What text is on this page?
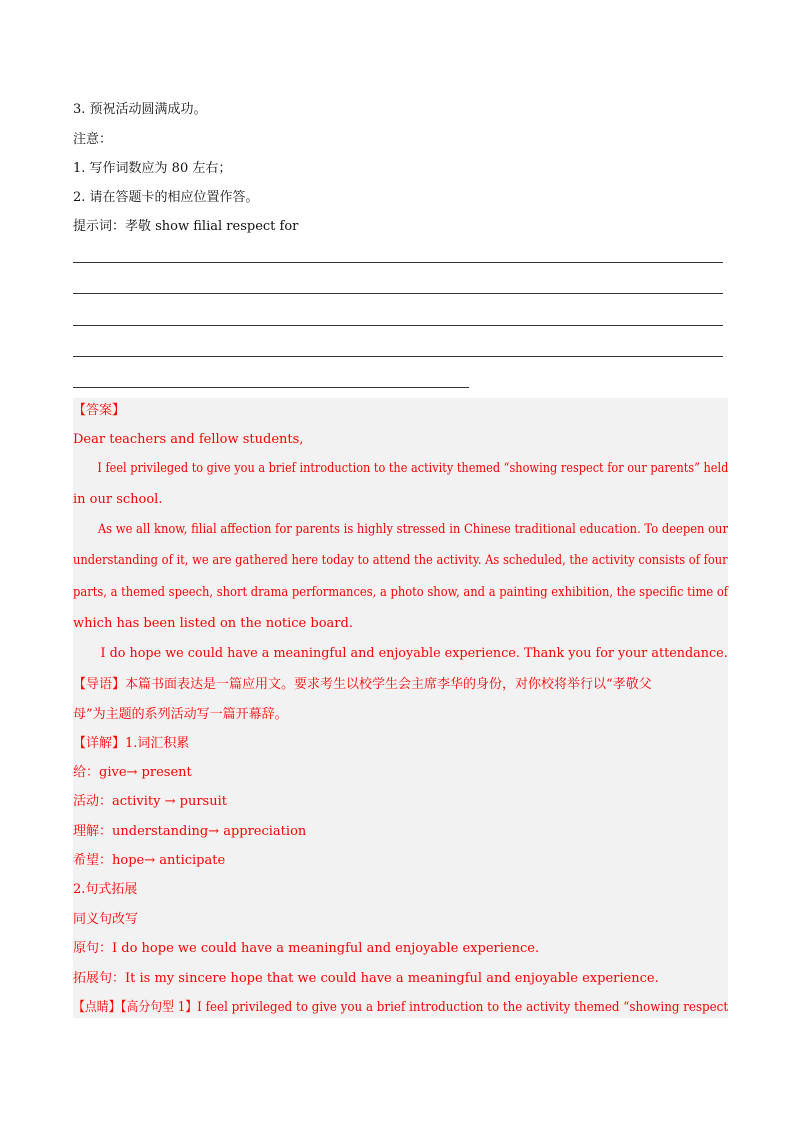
3. 预祝活动圆满成功。
注意：
1. 写作词数应为 80 左右；
2. 请在答题卡的相应位置作答。
提示词：孝敬 show filial respect for
【答案】
Dear teachers and fellow students,
I feel privileged to give you a brief introduction to the activity themed “showing respect for our parents” held
in our school.
As we all know, filial affection for parents is highly stressed in Chinese traditional education. To deepen our
understanding of it, we are gathered here today to attend the activity. As scheduled, the activity consists of four
parts, a themed speech, short drama performances, a photo show, and a painting exhibition, the specific time of
which has been listed on the notice board.
I do hope we could have a meaningful and enjoyable experience. Thank you for your attendance.
【导语】本篇书面表达是一篇应用文。要求考生以校学生会主席李华的身份，对你校将举行以“孝敬父
母”为主题的系列活动写一篇开幕辞。
【详解】1.词汇积累
给：give→ present
活动：activity → pursuit
理解：understanding→ appreciation
希望：hope→ anticipate
2.句式拓展
同义句改写
原句：I do hope we could have a meaningful and enjoyable experience.
拓展句：It is my sincere hope that we could have a meaningful and enjoyable experience.
【点睛】【高分句型 1】I feel privileged to give you a brief introduction to the activity themed “showing respect
